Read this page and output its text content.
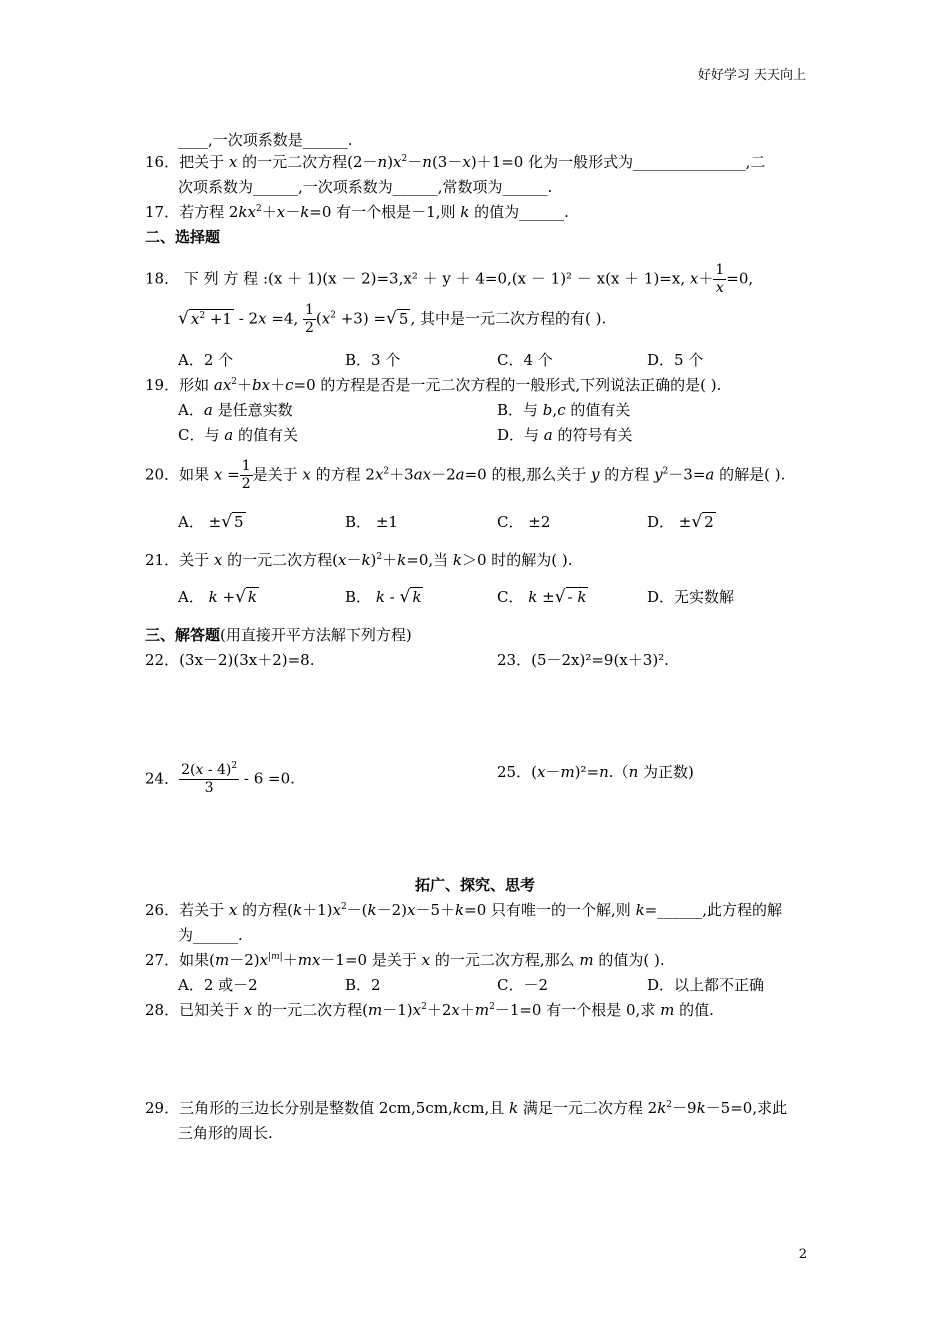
好好学习 天天向上
____,一次项系数是______.
16．把关于 x 的一元二次方程$(2-n)x^2-n(3-x)+1=0$ 化为一般形式为_______________,二
次项系数为______,一次项系数为______,常数项为______.
17．若方程 $2kx^2+x-k=0$ 有一个根是－1,则 k 的值为______.
二、选择题
18． 下 列 方 程 :(x ＋ 1)(x － 2)=3,x² ＋ y ＋ 4=0,(x － 1)² － x(x ＋ 1)=x, $x+ \frac{1}{x} =0$,
√ $x^2 +1 - 2x =4$, $\frac{1}{2} (x^2 +3)$ =√ 5 , 其中是一元二次方程的有( ).
A．2 个	B．3 个	C．4 个	D．5 个
19．形如 $ax^2+bx+c=0$ 的方程是否是一元二次方程的一般形式,下列说法正确的是( ).
A．a 是任意实数	B．与 b,c 的值有关
C．与 a 的值有关	D．与 a 的符号有关
20．如果 $x = \frac{1}{2}$ 是关于 x 的方程 $2x^2+3ax-2a=0$ 的根,那么关于 y 的方程 $y^2-3=a$ 的解是( ).
A． ±√ 5	B． ±1	C． ±2	D． ±√ 2
21．关于 x 的一元二次方程$(x-k)^2+k=0$,当 k＞0 时的解为( ).
A． k +√ k	B． k - √ k	C． k ±√ - k	D．无实数解
三、解答题(用直接开平方法解下列方程)
22．(3x－2)(3x＋2)=8.	23．(5－2x)²=9(x＋3)².
24． $\frac{2(x - 4)^2}{3} - 6 =0$.	25．(x－m)²=n.（n 为正数)
拓广、探究、思考
26．若关于 x 的方程$(k+1)x^2-(k-2)x-5+k=0$ 只有唯一的一个解,则 k=______,此方程的解
为______.
27．如果$(m-2)x^{|m|}+mx-1=0$ 是关于 x 的一元二次方程,那么 m 的值为( ).
A．2 或－2	B．2	C．－2	D．以上都不正确
28．已知关于 x 的一元二次方程$(m-1)x^2+2x+m^2-1=0$ 有一个根是 0,求 m 的值.
29．三角形的三边长分别是整数值 2cm,5cm,kcm,且 k 满足一元二次方程 $2k^2-9k-5=0$,求此
三角形的周长.
2
